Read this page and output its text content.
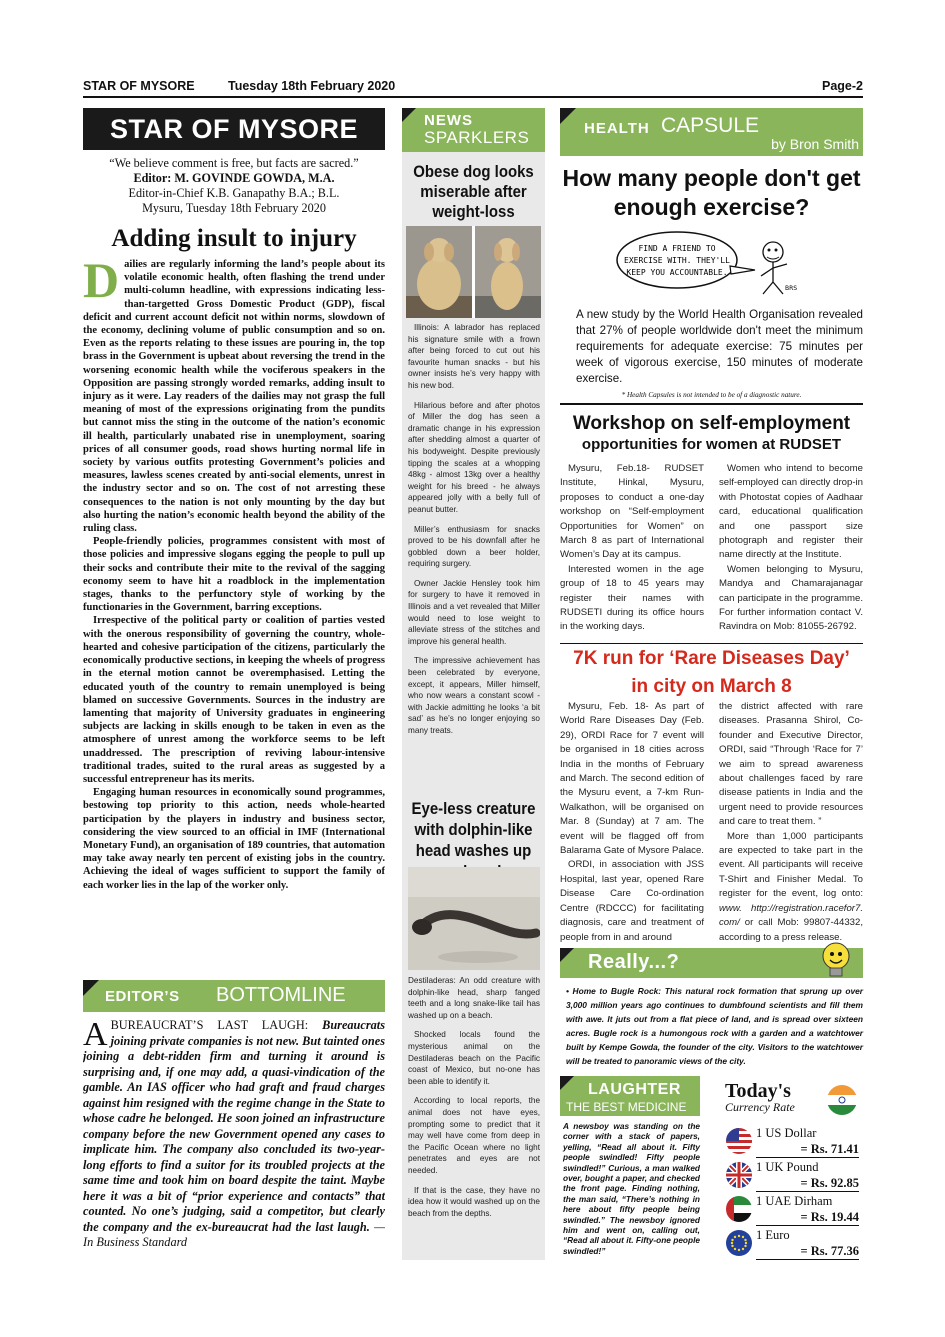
STAR OF MYSORE	Tuesday 18th February 2020	Page-2
STAR OF MYSORE
“We believe comment is free, but facts are sacred.”
Editor: M. GOVINDE GOWDA, M.A.
Editor-in-Chief K.B. Ganapathy B.A.; B.L.
Mysuru, Tuesday 18th February 2020
Adding insult to injury

Dailies are regularly informing the land’s people about its volatile economic health, often flashing the trend under multi-column headline, with expressions indicating less-than-targetted Gross Domestic Product (GDP), fiscal deficit and current account deficit not within norms, slowdown of the economy, declining volume of public consumption and so on. Even as the reports relating to these issues are pouring in, the top brass in the Government is upbeat about reversing the trend in the worsening economic health while the vociferous speakers in the Opposition are passing strongly worded remarks, adding insult to injury as it were. Lay readers of the dailies may not grasp the full meaning of most of the expressions originating from the pundits but cannot miss the sting in the outcome of the nation’s economic ill health, particularly unabated rise in unemployment, soaring prices of all consumer goods, road shows hurting normal life in society by various outfits protesting Government’s policies and measures, lawless scenes created by anti-social elements, unrest in the industry sector and so on. The cost of not arresting these consequences to the nation is not only mounting by the day but also hurting the nation’s economic health beyond the ability of the ruling class.

People-friendly policies, programmes consistent with most of those policies and impressive slogans egging the people to pull up their socks and contribute their mite to the revival of the sagging economy seem to have hit a roadblock in the implementation stages, thanks to the perfunctory style of working by the functionaries in the Government, barring exceptions.

Irrespective of the political party or coalition of parties vested with the onerous responsibility of governing the country, whole-hearted and cohesive participation of the citizens, particularly the economically productive sections, in keeping the wheels of progress in the eternal motion cannot be overemphasised. Letting the educated youth of the country to remain unemployed is being blamed on successive Governments. Sources in the industry are lamenting that majority of University graduates in engineering subjects are lacking in skills enough to be taken in even as the atmosphere of unrest among the workforce seems to be left unaddressed. The prescription of reviving labour-intensive traditional trades, suited to the rural areas as suggested by a successful entrepreneur has its merits.

Engaging human resources in economically sound programmes, bestowing top priority to this action, needs whole-hearted participation by the players in industry and business sector, considering the view sourced to an official in IMF (International Monetary Fund), an organisation of 189 countries, that automation may take away nearly ten percent of existing jobs in the country. Achieving the ideal of wages sufficient to support the family of each worker lies in the lap of the worker only.

EDITOR’S BOTTOMLINE
ABUREAUCRAT’S LAST LAUGH: Bureaucrats joining private companies is not new. But tainted ones joining a debt-ridden firm and turning it around is surprising and, if one may add, a quasi-vindication of the gamble. An IAS officer who had graft and fraud charges against him resigned with the regime change in the State to whose cadre he belonged. He soon joined an infrastructure company before the new Government opened any cases to implicate him. The company also concluded its two-year-long efforts to find a suitor for its troubled projects at the same time and took him on board despite the taint. Maybe here it was a bit of “prior experience and contacts” that counted. No one’s judging, said a competitor, but clearly the company and the ex-bureaucrat had the last laugh. — In Business Standard
NEWS
SPARKLERS
Obese dog looks miserable after weight-loss

Illinois: A labrador has replaced his signature smile with a frown after being forced to cut out his favourite human snacks - but his owner insists he’s very happy with his new bod.

Hilarious before and after photos of Miller the dog has seen a dramatic change in his expression after shedding almost a quarter of his bodyweight. Despite previously tipping the scales at a whopping 48kg - almost 13kg over a healthy weight for his breed - he always appeared jolly with a belly full of peanut butter.

Miller’s enthusiasm for snacks proved to be his downfall after he gobbled down a beer holder, requiring surgery.

Owner Jackie Hensley took him for surgery to have it removed in Illinois and a vet revealed that Miller would need to lose weight to alleviate stress of the stitches and improve his general health.

The impressive achievement has been celebrated by everyone, except, it appears, Miller himself, who now wears a constant scowl - with Jackie admitting he looks ‘a bit sad’ as he’s no longer enjoying so many treats.

Eye-less creature with dolphin-like head washes up

Destiladeras: An odd creature with dolphin-like head, sharp fanged teeth and a long snake-like tail has washed up on a beach.

Shocked locals found the mysterious animal on the Destiladeras beach on the Pacific coast of Mexico, but no-one has been able to identify it.

According to local reports, the animal does not have eyes, prompting some to predict that it may well have come from deep in the Pacific Ocean where no light penetrates and eyes are not needed.

If that is the case, they have no idea how it would washed up on the beach from the depths.

HEALTH CAPSULE
by Bron Smith
How many people don't get enough exercise?
FIND A FRIEND TO
EXERCISE WITH. THEY'LL
KEEP YOU ACCOUNTABLE.
BRS
A new study by the World Health Organisation revealed that 27% of people worldwide don't meet the minimum requirements for adequate exercise: 75 minutes per week of vigorous exercise, 150 minutes of moderate exercise.
* Health Capsules is not intended to be of a diagnostic nature.
Workshop on self-employment
opportunities for women at RUDSET

Mysuru, Feb.18- RUDSET Institute, Hinkal, Mysuru, proposes to conduct a one-day workshop on “Self-employment Opportunities for Women” on March 8 as part of International Women’s Day at its campus.

Interested women in the age group of 18 to 45 years may register their names with RUDSETI during its office hours in the working days.

Women who intend to become self-employed can directly drop-in with Photostat copies of Aadhaar card, educational qualification and one passport size photograph and register their name directly at the Institute.

Women belonging to Mysuru, Mandya and Chamarajanagar can participate in the programme. For further information contact V. Ravindra on Mob: 81055-26792.

7K run for ‘Rare Diseases Day’
in city on March 8

Mysuru, Feb. 18- As part of World Rare Diseases Day (Feb. 29), ORDI Race for 7 event will be organised in 18 cities across India in the months of February and March. The second edition of the Mysuru event, a 7-km Run-Walkathon, will be organised on Mar. 8 (Sunday) at 7 am. The event will be flagged off from Balarama Gate of Mysore Palace.

ORDI, in association with JSS Hospital, last year, opened Rare Disease Care Co-ordination Centre (RDCCC) for facilitating diagnosis, care and treatment of people from in and around

the district affected with rare diseases. Prasanna Shirol, Co-founder and Executive Director, ORDI, said “Through ‘Race for 7’ we aim to spread awareness about challenges faced by rare disease patients in India and the urgent need to provide resources and care to treat them. ”

More than 1,000 participants are expected to take part in the event. All participants will receive T-Shirt and Finisher Medal. To register for the event, log onto: www. http://registration.racefor7. com/ or call Mob: 99807-44332, according to a press release.

Really...?
• Home to Bugle Rock: This natural rock formation that sprung up over 3,000 million years ago continues to dumbfound scientists and fill them with awe. It juts out from a flat piece of land, and is spread over sixteen acres. Bugle rock is a humongous rock with a garden and a watchtower built by Kempe Gowda, the founder of the city. Visitors to the watchtower will be treated to panoramic views of the city.
LAUGHTER
THE BEST MEDICINE
A newsboy was standing on the corner with a stack of papers, yelling, “Read all about it. Fifty people swindled! Fifty people swindled!” Curious, a man walked over, bought a paper, and checked the front page. Finding nothing, the man said, “There’s nothing in here about fifty people being swindled.” The newsboy ignored him and went on, calling out, “Read all about it. Fifty-one people swindled!”
Today's
Currency Rate
1 US Dollar
= Rs. 71.41
1 UK Pound
= Rs. 92.85
1 UAE Dirham
= Rs. 19.44
1 Euro
= Rs. 77.36
